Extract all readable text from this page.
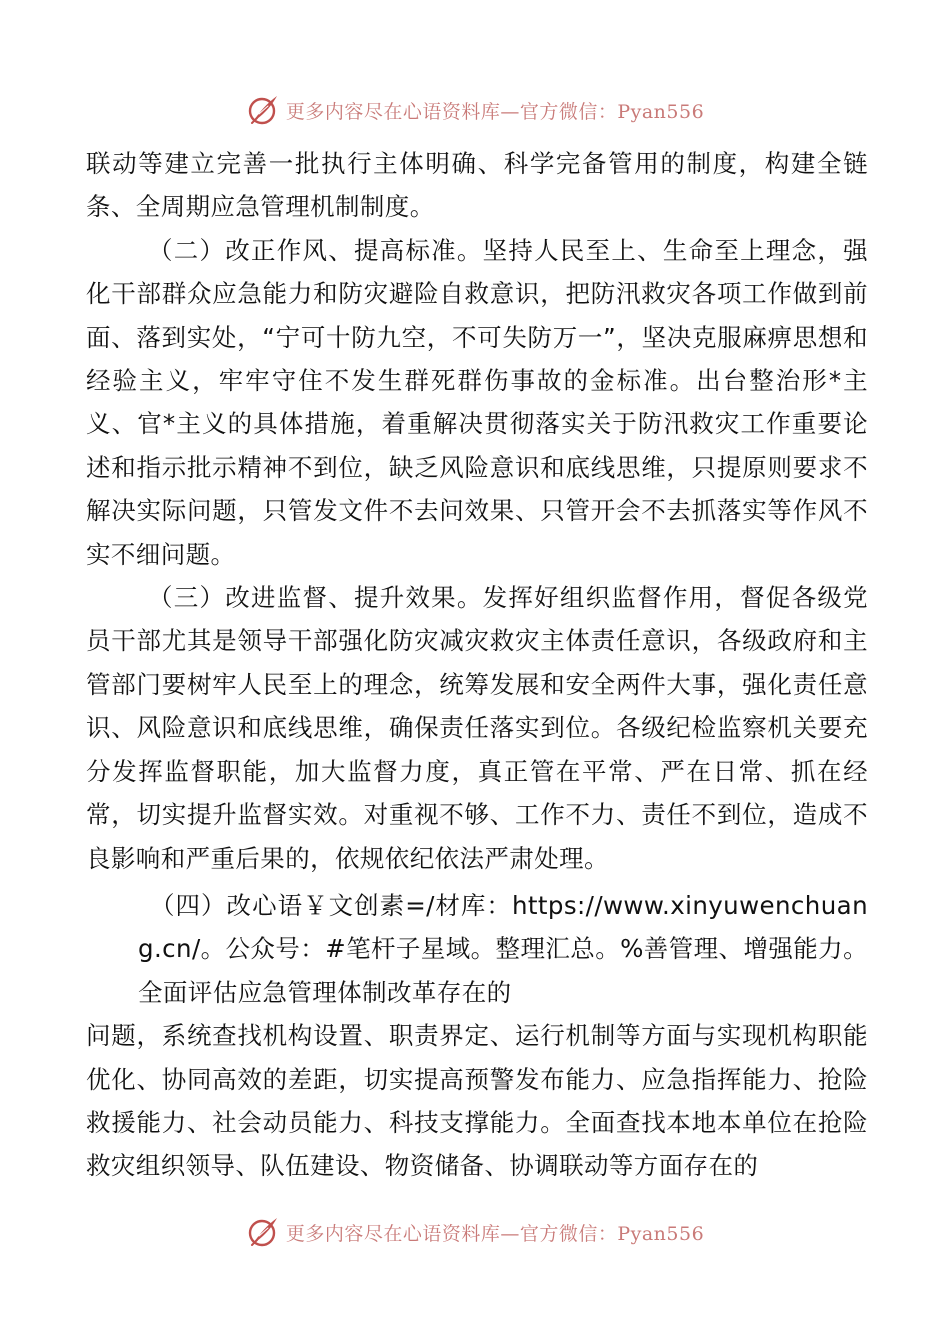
更多内容尽在心语资料库—官方微信：Pyan556

联动等建立完善一批执行主体明确、科学完备管用的制度，构建全链条、全周期应急管理机制制度。

（二）改正作风、提高标准。坚持人民至上、生命至上理念，强化干部群众应急能力和防灾避险自救意识，把防汛救灾各项工作做到前面、落到实处，“宁可十防九空，不可失防万一”，坚决克服麻痹思想和经验主义，牢牢守住不发生群死群伤事故的金标准。出台整治形*主义、官*主义的具体措施，着重解决贯彻落实关于防汛救灾工作重要论述和指示批示精神不到位，缺乏风险意识和底线思维，只提原则要求不解决实际问题，只管发文件不去问效果、只管开会不去抓落实等作风不实不细问题。

（三）改进监督、提升效果。发挥好组织监督作用，督促各级党员干部尤其是领导干部强化防灾减灾救灾主体责任意识，各级政府和主管部门要树牢人民至上的理念，统筹发展和安全两件大事，强化责任意识、风险意识和底线思维，确保责任落实到位。各级纪检监察机关要充分发挥监督职能，加大监督力度，真正管在平常、严在日常、抓在经常，切实提升监督实效。对重视不够、工作不力、责任不到位，造成不良影响和严重后果的，依规依纪依法严肃处理。

（四）改心语￥文创素=/材库：https://www.xinyuwenchuang.cn/。公众号：#笔杆子星域。整理汇总。%善管理、增强能力。全面评估应急管理体制改革存在的

问题，系统查找机构设置、职责界定、运行机制等方面与实现机构职能优化、协同高效的差距，切实提高预警发布能力、应急指挥能力、抢险救援能力、社会动员能力、科技支撑能力。全面查找本地本单位在抢险救灾组织领导、队伍建设、物资储备、协调联动等方面存在的

更多内容尽在心语资料库—官方微信：Pyan556
